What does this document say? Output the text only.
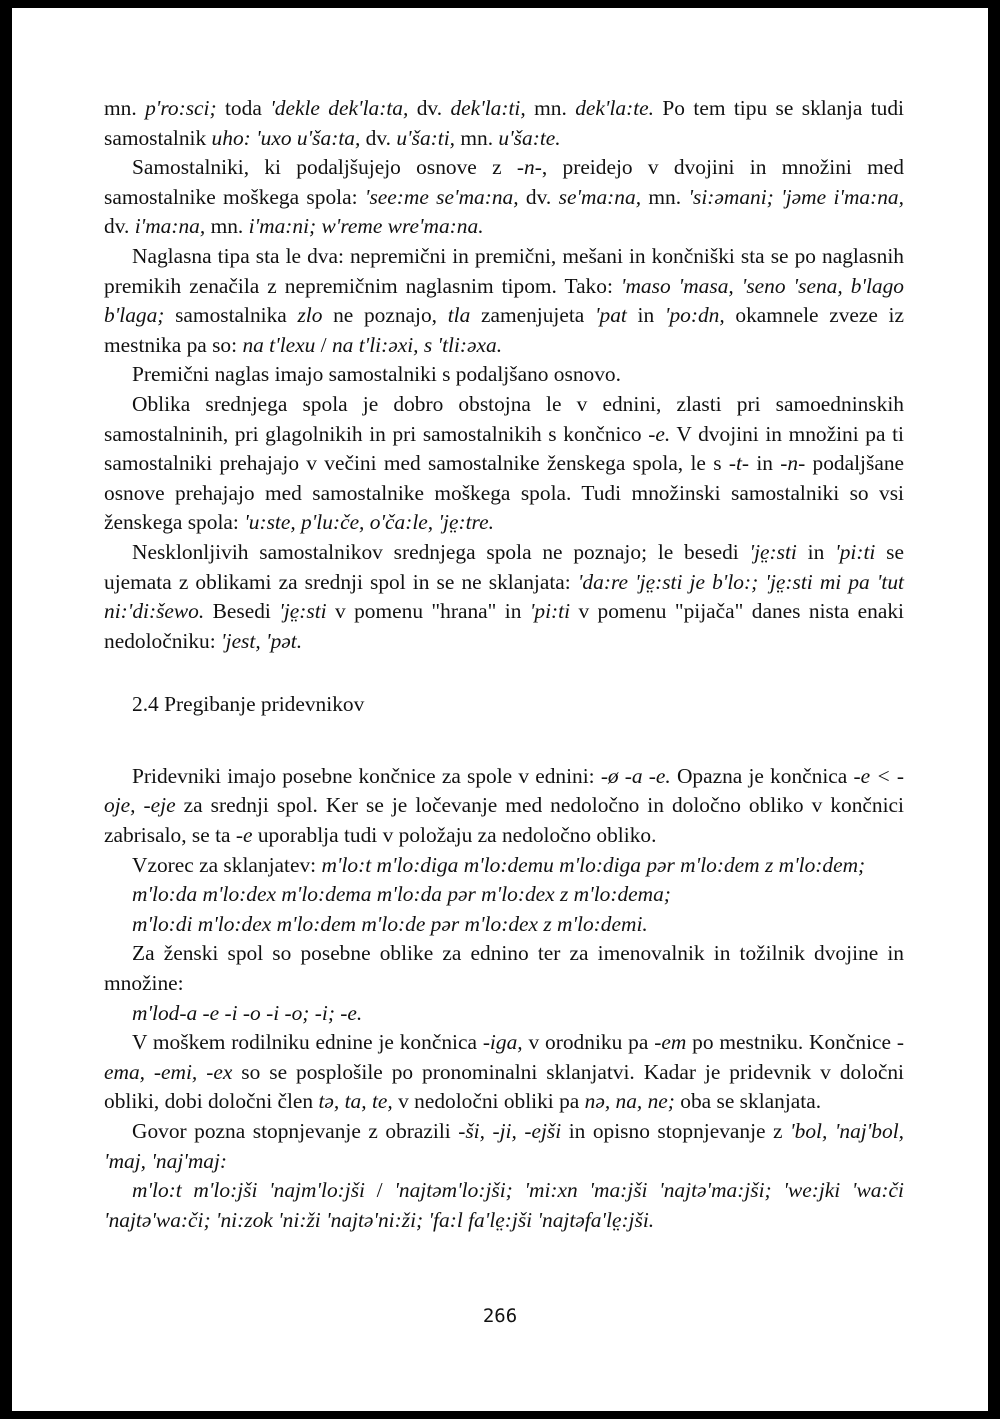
mn. p'ro:sci; toda 'dekle dek'la:ta, dv. dek'la:ti, mn. dek'la:te. Po tem tipu se sklanja tudi samostalnik uho: 'uxo u'ša:ta, dv. u'ša:ti, mn. u'ša:te.

Samostalniki, ki podaljšujejo osnove z -n-, preidejo v dvojini in množini med samostalnike moškega spola: 'see:me se'ma:na, dv. se'ma:na, mn. 'si:əmani; 'jəme i'ma:na, dv. i'ma:na, mn. i'ma:ni; w'reme wre'ma:na.

Naglasna tipa sta le dva: nepremični in premični, mešani in končniški sta se po naglasnih premikih zenačila z nepremičnim naglasnim tipom. Tako: 'maso 'masa, 'seno 'sena, b'lago b'laga; samostalnika zlo ne poznajo, tla zamenjujeta 'pat in 'po:dn, okamnele zveze iz mestnika pa so: na t'lexu / na t'li:əxi, s 'tli:əxa.

Premični naglas imajo samostalniki s podaljšano osnovo.

Oblika srednjega spola je dobro obstojna le v ednini, zlasti pri samoedninskih samostalninih, pri glagolnikih in pri samostalnikih s končnico -e. V dvojini in množini pa ti samostalniki prehajajo v večini med samostalnike ženskega spola, le s -t- in -n- podaljšane osnove prehajajo med samostalnike moškega spola. Tudi množinski samostalniki so vsi ženskega spola: 'u:ste, p'lu:če, o'ča:le, 'je̤:tre.

Nesklonljivih samostalnikov srednjega spola ne poznajo; le besedi 'je̤:sti in 'pi:ti se ujemata z oblikami za srednji spol in se ne sklanjata: 'da:re 'je̤:sti je b'lo:; 'je̤:sti mi pa 'tut ni:'di:šewo. Besedi 'je̤:sti v pomenu "hrana" in 'pi:ti v pomenu "pijača" danes nista enaki nedoločniku: 'jest, 'pət.

2.4 Pregibanje pridevnikov

Pridevniki imajo posebne končnice za spole v ednini: -ø -a -e. Opazna je končnica -e < -oje, -eje za srednji spol. Ker se je ločevanje med nedoločno in določno obliko v končnici zabrisalo, se ta -e uporablja tudi v položaju za nedoločno obliko.

Vzorec za sklanjatev: m'lo:t m'lo:diga m'lo:demu m'lo:diga pər m'lo:dem z m'lo:dem;

m'lo:da m'lo:dex m'lo:dema m'lo:da pər m'lo:dex z m'lo:dema;

m'lo:di m'lo:dex m'lo:dem m'lo:de pər m'lo:dex z m'lo:demi.

Za ženski spol so posebne oblike za ednino ter za imenovalnik in tožilnik dvojine in množine:

m'lod-a -e -i -o -i -o; -i; -e.

V moškem rodilniku ednine je končnica -iga, v orodniku pa -em po mestniku. Končnice -ema, -emi, -ex so se posplošile po pronominalni sklanjatvi. Kadar je pridevnik v določni obliki, dobi določni člen tə, ta, te, v nedoločni obliki pa nə, na, ne; oba se sklanjata.

Govor pozna stopnjevanje z obrazili -ši, -ji, -ejši in opisno stopnjevanje z 'bol, 'naj'bol, 'maj, 'naj'maj:

m'lo:t m'lo:jši 'najm'lo:jši / 'najtəm'lo:jši; 'mi:xn 'ma:jši 'najtə'ma:jši; 'we:jki 'wa:či 'najtə'wa:či; 'ni:zok 'ni:ži 'najtə'ni:ži; 'fa:l fa'le̤:jši 'najtəfa'le̤:jši.

266
